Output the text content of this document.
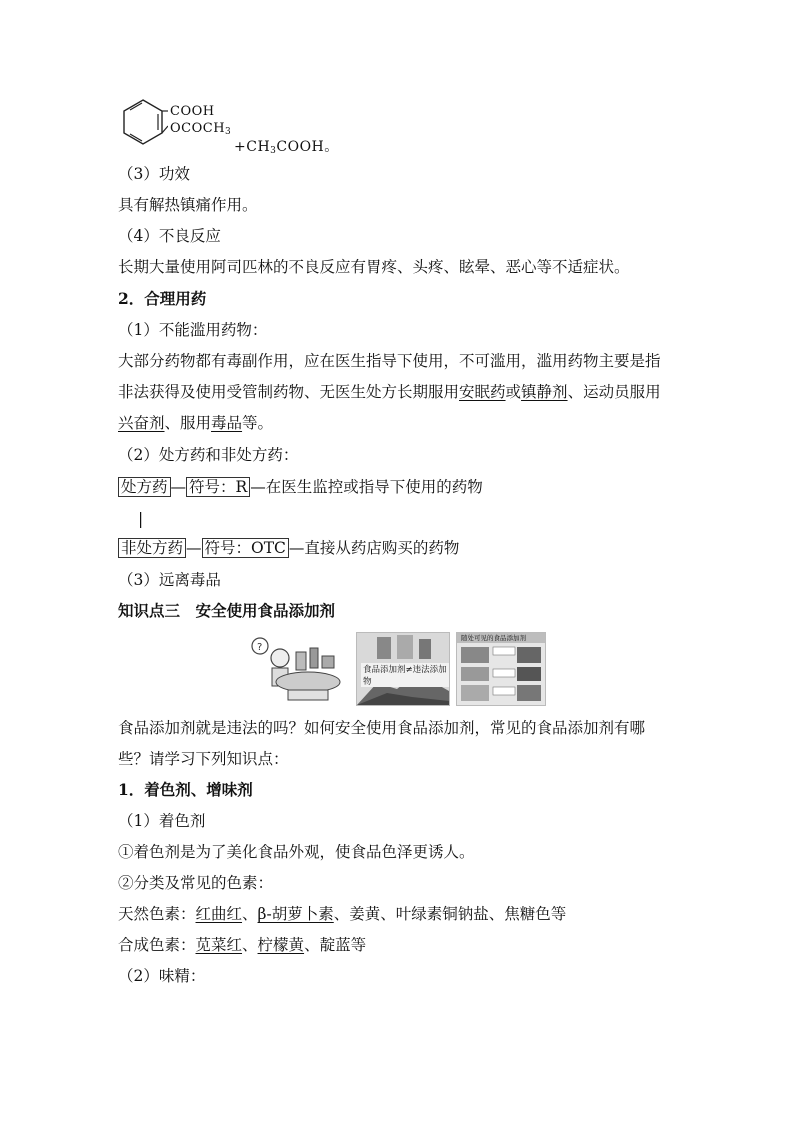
COOH
$OCOCH_3$
$+CH_3COOH$。
（3）功效
具有解热镇痛作用。
（4）不良反应
长期大量使用阿司匹林的不良反应有胃疼、头疼、眩晕、恶心等不适症状。
2．合理用药
（1）不能滥用药物：
大部分药物都有毒副作用，应在医生指导下使用，不可滥用，滥用药物主要是指
非法获得及使用受管制药物、无医生处方长期服用安眠药或镇静剂、运动员服用
兴奋剂、服用毒品等。
（2）处方药和非处方药：
处方药 — 符号：R —在医生监控或指导下使用的药物
|
非处方药 — 符号：OTC —直接从药店购买的药物
（3）远离毒品
知识点三　安全使用食品添加剂
?
食品添加剂≠违法添加物
随处可见的食品添加剂
食品添加剂就是违法的吗？如何安全使用食品添加剂，常见的食品添加剂有哪
些？请学习下列知识点：
1．着色剂、增味剂
（1）着色剂
①着色剂是为了美化食品外观，使食品色泽更诱人。
②分类及常见的色素：
天然色素：红曲红、β-胡萝卜素、姜黄、叶绿素铜钠盐、焦糖色等
合成色素：苋菜红、柠檬黄、靛蓝等
（2）味精：
